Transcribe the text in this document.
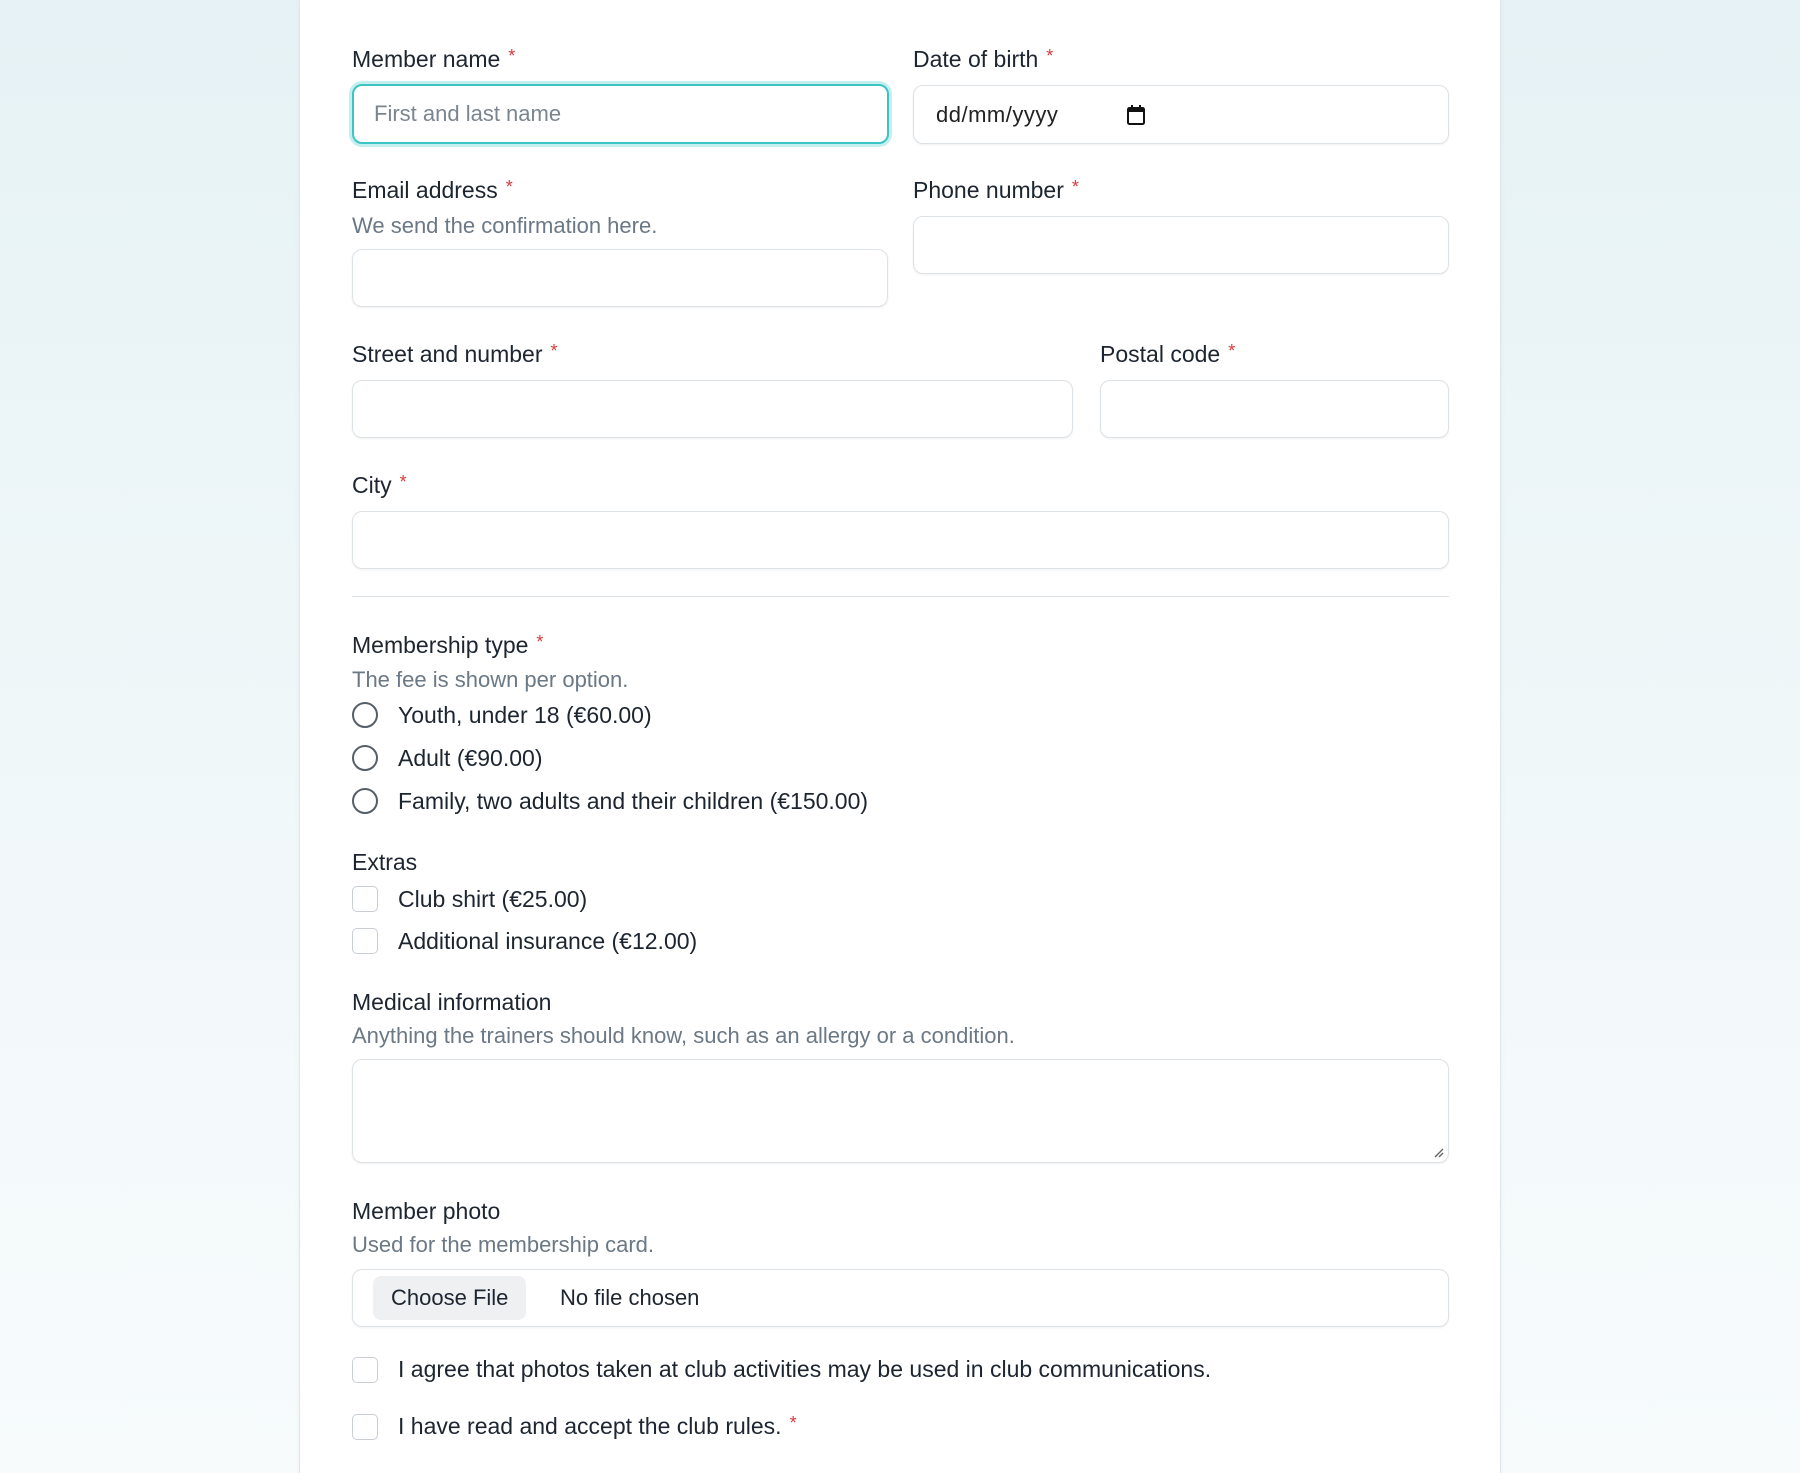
Member name *
First and last name
Date of birth *
dd/mm/yyyy
Email address *
We send the confirmation here.
Phone number *
Street and number *	Postal code *
City *
Membership type *
The fee is shown per option.
Youth, under 18 (€60.00)
Adult (€90.00)
Family, two adults and their children (€150.00)
Extras
Club shirt (€25.00)
Additional insurance (€12.00)
Medical information
Anything the trainers should know, such as an allergy or a condition.
Member photo
Used for the membership card.
Choose File	No file chosen
I agree that photos taken at club activities may be used in club communications.
I have read and accept the club rules. *
